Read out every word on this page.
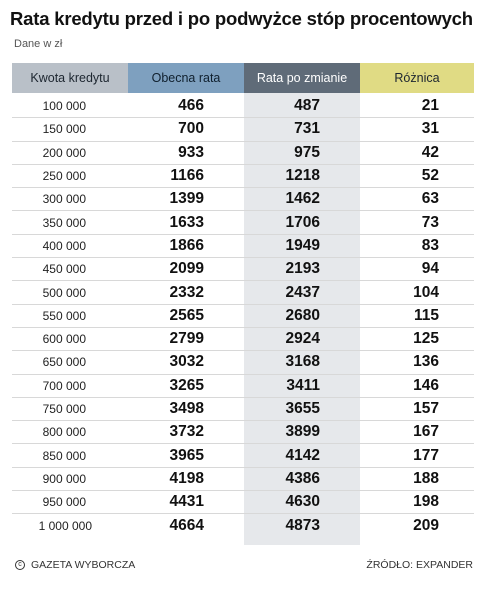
Rata kredytu przed i po podwyżce stóp procentowych
Dane w zł
Kwota kredytu	Obecna rata	Rata po zmianie	Różnica
100 000	466	487	21
150 000	700	731	31
200 000	933	975	42
250 000	1166	1218	52
300 000	1399	1462	63
350 000	1633	1706	73
400 000	1866	1949	83
450 000	2099	2193	94
500 000	2332	2437	104
550 000	2565	2680	115
600 000	2799	2924	125
650 000	3032	3168	136
700 000	3265	3411	146
750 000	3498	3655	157
800 000	3732	3899	167
850 000	3965	4142	177
900 000	4198	4386	188
950 000	4431	4630	198
1 000 000	4664	4873	209
c GAZETA WYBORCZA	ŹRÓDŁO: EXPANDER
